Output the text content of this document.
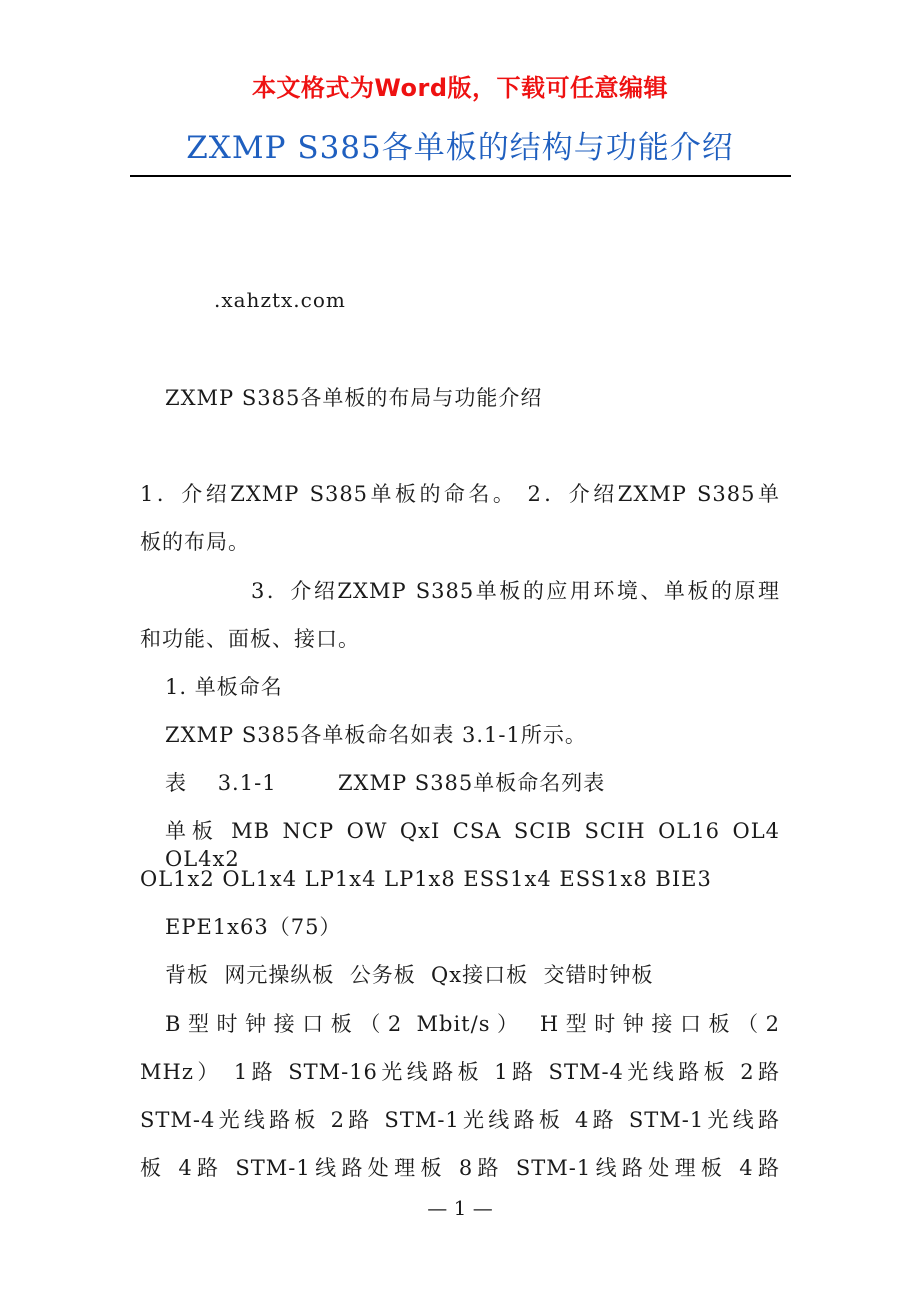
本文格式为Word版，下载可任意编辑
ZXMP S385各单板的结构与功能介绍
.xahztx.com
ZXMP S385各单板的布局与功能介绍
1．介绍ZXMP S385单板的命名。 2．介绍ZXMP S385单
板的布局。
3．介绍ZXMP S385单板的应用环境、单板的原理
和功能、面板、接口。
1. 单板命名
ZXMP S385各单板命名如表 3.1-1所示。
表    3.1-1        ZXMP S385单板命名列表
单板 MB NCP OW QxI CSA SCIB SCIH OL16 OL4 OL4x2
OL1x2 OL1x4 LP1x4 LP1x8 ESS1x4 ESS1x8 BIE3
EPE1x63（75）
背板  网元操纵板  公务板  Qx接口板  交错时钟板
B型时钟接口板（2 Mbit/s） H型时钟接口板（2
MHz） 1路 STM-16光线路板 1路 STM-4光线路板 2路
STM-4光线路板 2路 STM-1光线路板 4路 STM-1光线路
板 4路 STM-1线路处理板 8路 STM-1线路处理板 4路
— 1 —
